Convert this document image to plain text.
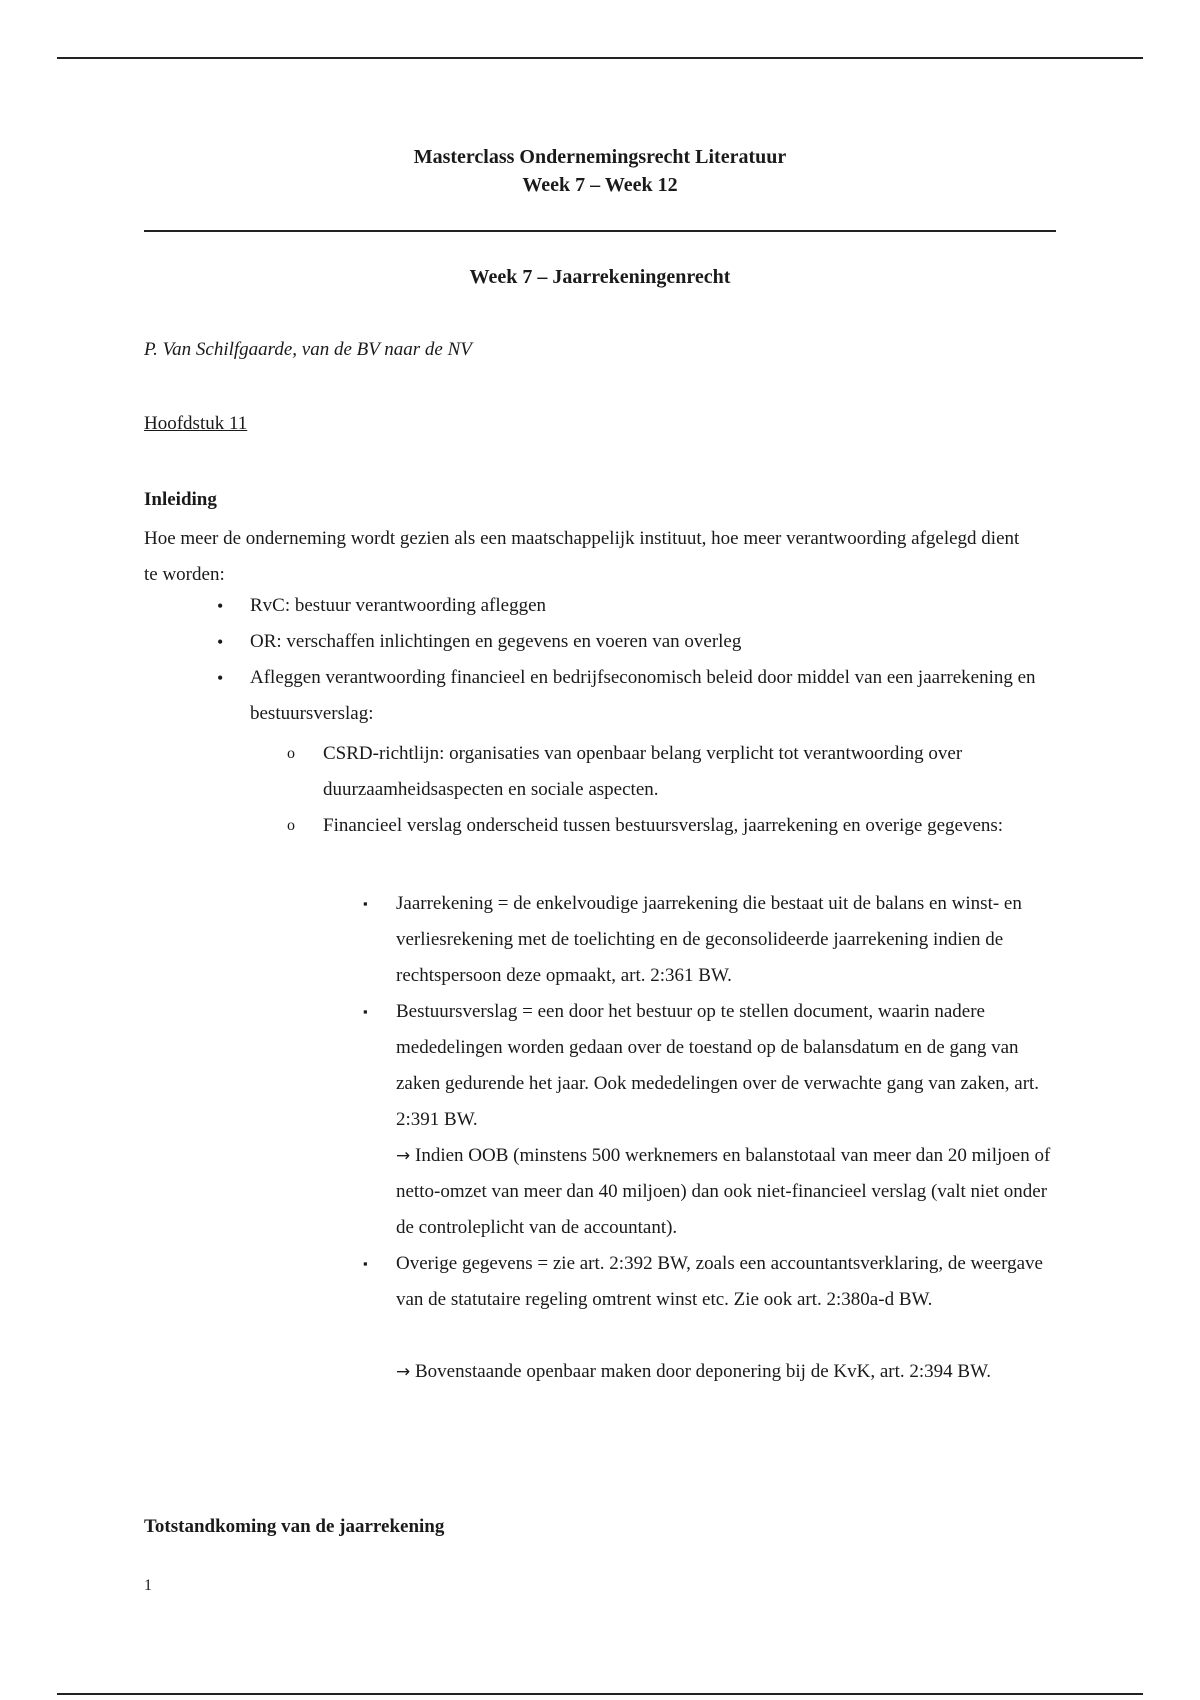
Masterclass Ondernemingsrecht Literatuur
Week 7 – Week 12
Week 7 – Jaarrekeningenrecht
P. Van Schilfgaarde, van de BV naar de NV
Hoofdstuk 11
Inleiding
Hoe meer de onderneming wordt gezien als een maatschappelijk instituut, hoe meer verantwoording afgelegd dient te worden:
• RvC: bestuur verantwoording afleggen
• OR: verschaffen inlichtingen en gegevens en voeren van overleg
• Afleggen verantwoording financieel en bedrijfseconomisch beleid door middel van een jaarrekening en bestuursverslag:
o CSRD-richtlijn: organisaties van openbaar belang verplicht tot verantwoording over duurzaamheidsaspecten en sociale aspecten.
o Financieel verslag onderscheid tussen bestuursverslag, jaarrekening en overige gegevens:
▪ Jaarrekening = de enkelvoudige jaarrekening die bestaat uit de balans en winst- en verliesrekening met de toelichting en de geconsolideerde jaarrekening indien de rechtspersoon deze opmaakt, art. 2:361 BW.
▪ Bestuursverslag = een door het bestuur op te stellen document, waarin nadere mededelingen worden gedaan over de toestand op de balansdatum en de gang van zaken gedurende het jaar. Ook mededelingen over de verwachte gang van zaken, art. 2:391 BW.
→ Indien OOB (minstens 500 werknemers en balanstotaal van meer dan 20 miljoen of netto-omzet van meer dan 40 miljoen) dan ook niet-financieel verslag (valt niet onder de controleplicht van de accountant).
▪ Overige gegevens = zie art. 2:392 BW, zoals een accountantsverklaring, de weergave van de statutaire regeling omtrent winst etc. Zie ook art. 2:380a-d BW.
→ Bovenstaande openbaar maken door deponering bij de KvK, art. 2:394 BW.
Totstandkoming van de jaarrekening
1
